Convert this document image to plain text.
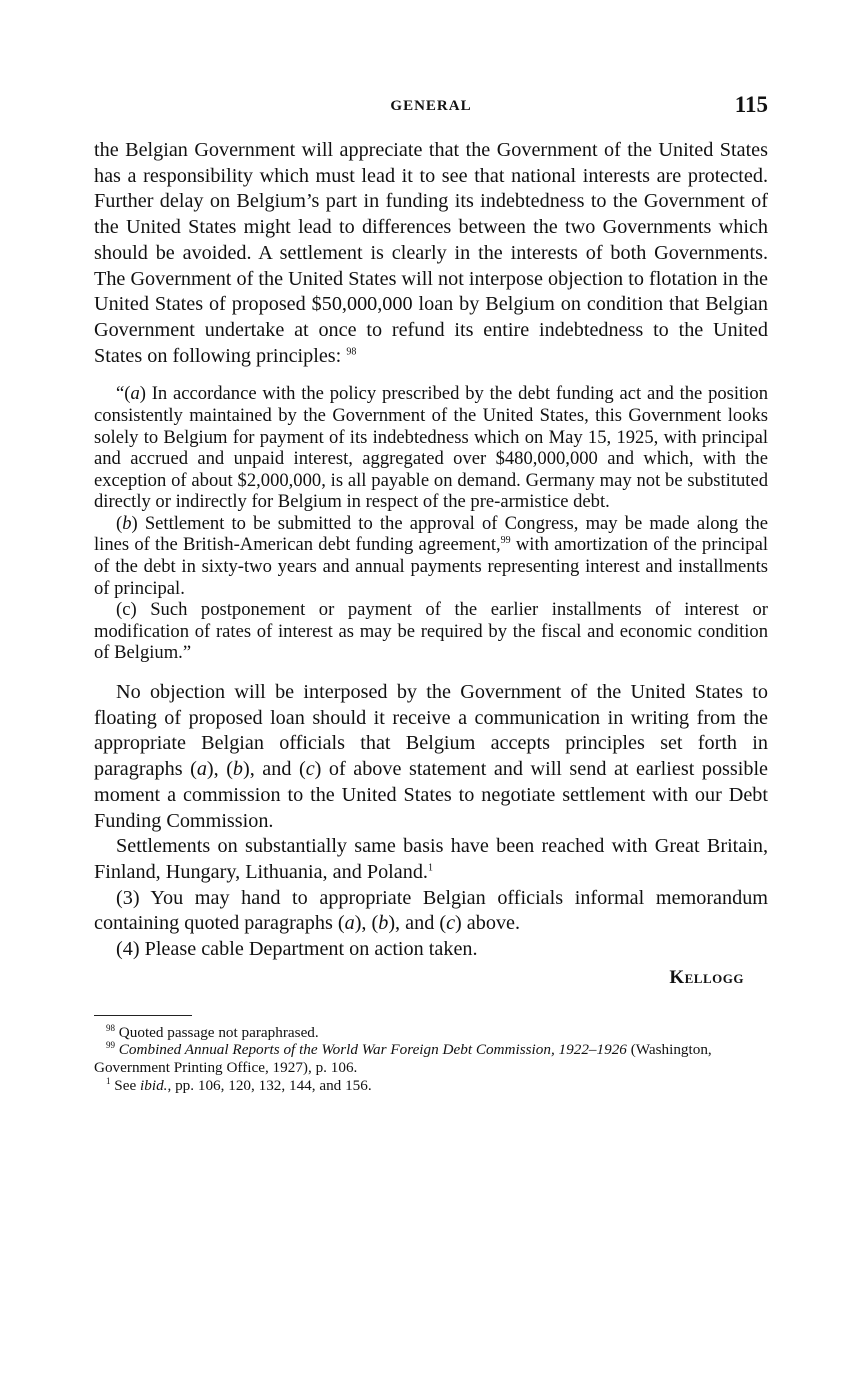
GENERAL	115

the Belgian Government will appreciate that the Government of the United States has a responsibility which must lead it to see that national interests are protected. Further delay on Belgium’s part in funding its indebtedness to the Government of the United States might lead to differences between the two Governments which should be avoided. A settlement is clearly in the interests of both Governments. The Government of the United States will not interpose objection to flotation in the United States of proposed $50,000,000 loan by Belgium on condition that Belgian Government undertake at once to refund its entire indebtedness to the United States on following principles: $^{98}$

“(a) In accordance with the policy prescribed by the debt funding act and the position consistently maintained by the Government of the United States, this Government looks solely to Belgium for payment of its indebtedness which on May 15, 1925, with principal and accrued and unpaid interest, aggregated over $480,000,000 and which, with the exception of about $2,000,000, is all payable on demand. Germany may not be substituted directly or indirectly for Belgium in respect of the pre-armistice debt.

(b) Settlement to be submitted to the approval of Congress, may be made along the lines of the British-American debt funding agreement,$^{99}$ with amortization of the principal of the debt in sixty-two years and annual payments representing interest and installments of principal.

(c) Such postponement or payment of the earlier installments of interest or modification of rates of interest as may be required by the fiscal and economic condition of Belgium.”

No objection will be interposed by the Government of the United States to floating of proposed loan should it receive a communication in writing from the appropriate Belgian officials that Belgium accepts principles set forth in paragraphs (a), (b), and (c) of above statement and will send at earliest possible moment a commission to the United States to negotiate settlement with our Debt Funding Commission.

Settlements on substantially same basis have been reached with Great Britain, Finland, Hungary, Lithuania, and Poland.$^1$

(3) You may hand to appropriate Belgian officials informal memorandum containing quoted paragraphs (a), (b), and (c) above.

(4) Please cable Department on action taken.

Kellogg

$^{98}$ Quoted passage not paraphrased.

$^{99}$ Combined Annual Reports of the World War Foreign Debt Commission, 1922–1926 (Washington, Government Printing Office, 1927), p. 106.

$^1$ See ibid., pp. 106, 120, 132, 144, and 156.
